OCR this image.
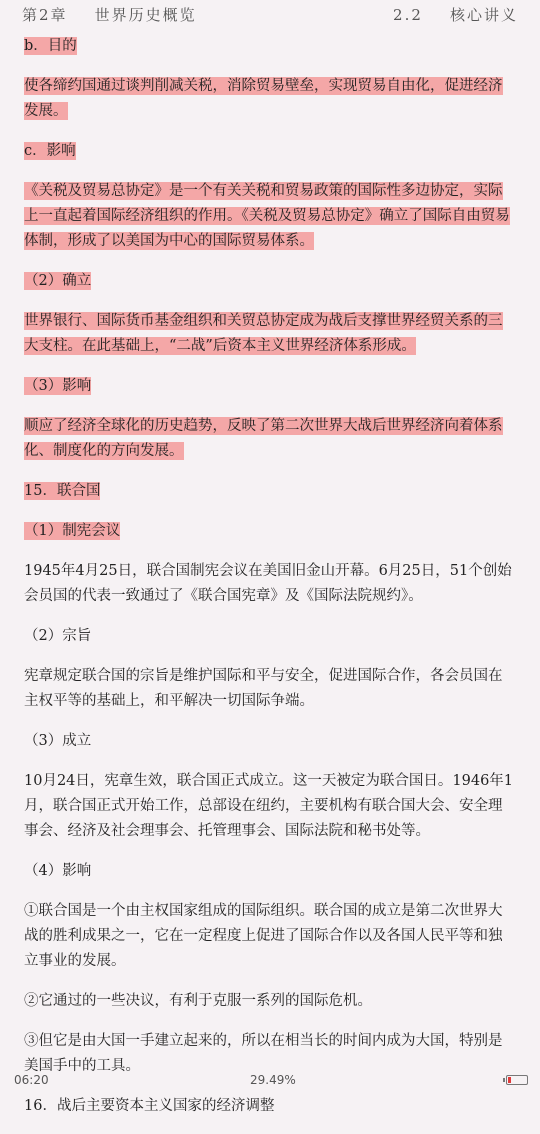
第2章 世界历史概览	2.2 核心讲义
b．目的
使各缔约国通过谈判削减关税，消除贸易壁垒，实现贸易自由化，促进经济发展。
c．影响
《关税及贸易总协定》是一个有关关税和贸易政策的国际性多边协定，实际上一直起着国际经济组织的作用。《关税及贸易总协定》确立了国际自由贸易体制，形成了以美国为中心的国际贸易体系。
（2）确立
世界银行、国际货币基金组织和关贸总协定成为战后支撑世界经贸关系的三大支柱。在此基础上，“二战”后资本主义世界经济体系形成。
（3）影响
顺应了经济全球化的历史趋势，反映了第二次世界大战后世界经济向着体系化、制度化的方向发展。
15．联合国
（1）制宪会议
1945年4月25日，联合国制宪会议在美国旧金山开幕。6月25日，51个创始会员国的代表一致通过了《联合国宪章》及《国际法院规约》。
（2）宗旨
宪章规定联合国的宗旨是维护国际和平与安全，促进国际合作，各会员国在主权平等的基础上，和平解决一切国际争端。
（3）成立
10月24日，宪章生效，联合国正式成立。这一天被定为联合国日。1946年1月，联合国正式开始工作，总部设在纽约，主要机构有联合国大会、安全理事会、经济及社会理事会、托管理事会、国际法院和秘书处等。
（4）影响
①联合国是一个由主权国家组成的国际组织。联合国的成立是第二次世界大战的胜利成果之一，它在一定程度上促进了国际合作以及各国人民平等和独立事业的发展。
②它通过的一些决议，有利于克服一系列的国际危机。
③但它是由大国一手建立起来的，所以在相当长的时间内成为大国，特别是美国手中的工具。
16．战后主要资本主义国家的经济调整
06:20	29.49%
